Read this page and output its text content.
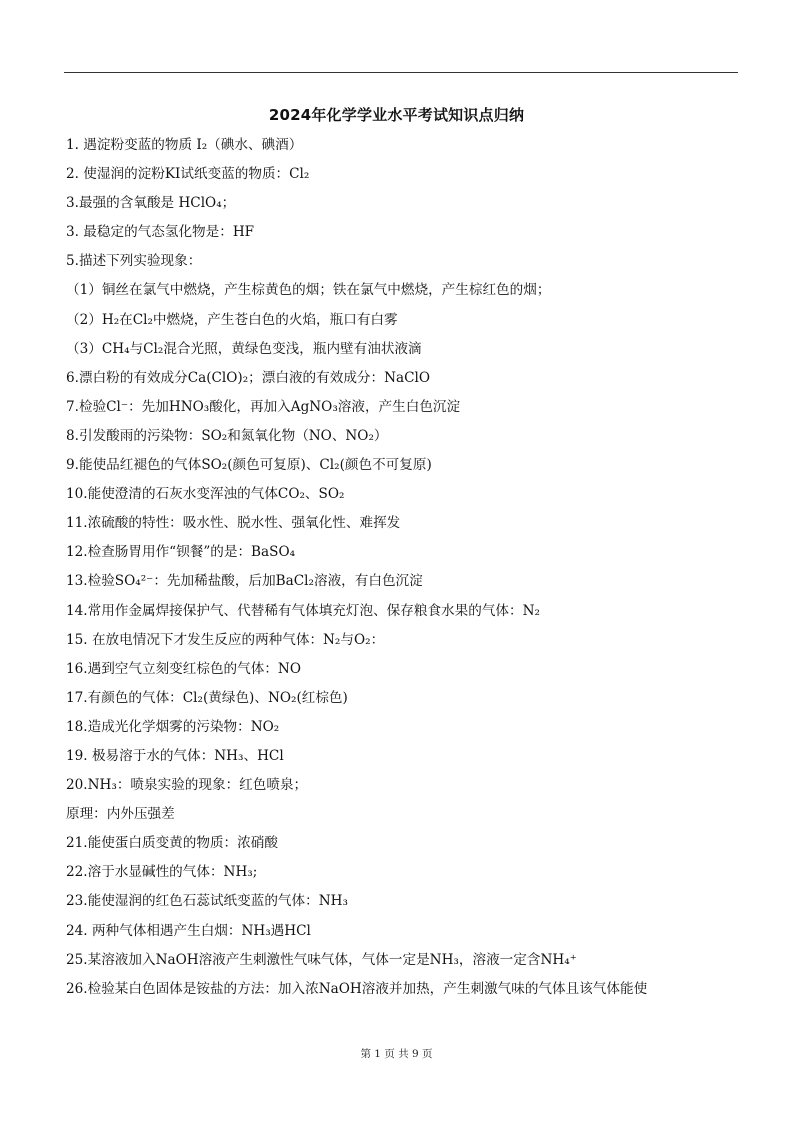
2024年化学学业水平考试知识点归纳
1. 遇淀粉变蓝的物质 I₂（碘水、碘酒）
2. 使湿润的淀粉KI试纸变蓝的物质：Cl₂
3.最强的含氧酸是 HClO₄；
3. 最稳定的气态氢化物是：HF
5.描述下列实验现象：
（1）铜丝在氯气中燃烧，产生棕黄色的烟；铁在氯气中燃烧，产生棕红色的烟；
（2）H₂在Cl₂中燃烧，产生苍白色的火焰，瓶口有白雾
（3）CH₄与Cl₂混合光照，黄绿色变浅，瓶内壁有油状液滴
6.漂白粉的有效成分Ca(ClO)₂；漂白液的有效成分：NaClO
7.检验Cl⁻：先加HNO₃酸化，再加入AgNO₃溶液，产生白色沉淀
8.引发酸雨的污染物：SO₂和氮氧化物（NO、NO₂）
9.能使品红褪色的气体SO₂(颜色可复原)、Cl₂(颜色不可复原)
10.能使澄清的石灰水变浑浊的气体CO₂、SO₂
11.浓硫酸的特性：吸水性、脱水性、强氧化性、难挥发
12.检查肠胃用作“钡餐”的是：BaSO₄
13.检验SO₄²⁻：先加稀盐酸，后加BaCl₂溶液，有白色沉淀
14.常用作金属焊接保护气、代替稀有气体填充灯泡、保存粮食水果的气体：N₂
15. 在放电情况下才发生反应的两种气体：N₂与O₂：
16.遇到空气立刻变红棕色的气体：NO
17.有颜色的气体：Cl₂(黄绿色)、NO₂(红棕色)
18.造成光化学烟雾的污染物：NO₂
19. 极易溶于水的气体：NH₃、HCl
20.NH₃：喷泉实验的现象：红色喷泉；
原理：内外压强差
21.能使蛋白质变黄的物质：浓硝酸
22.溶于水显碱性的气体：NH₃;
23.能使湿润的红色石蕊试纸变蓝的气体：NH₃
24. 两种气体相遇产生白烟：NH₃遇HCl
25.某溶液加入NaOH溶液产生刺激性气味气体，气体一定是NH₃，溶液一定含NH₄⁺
26.检验某白色固体是铵盐的方法：加入浓NaOH溶液并加热，产生刺激气味的气体且该气体能使
第 1 页 共 9 页
